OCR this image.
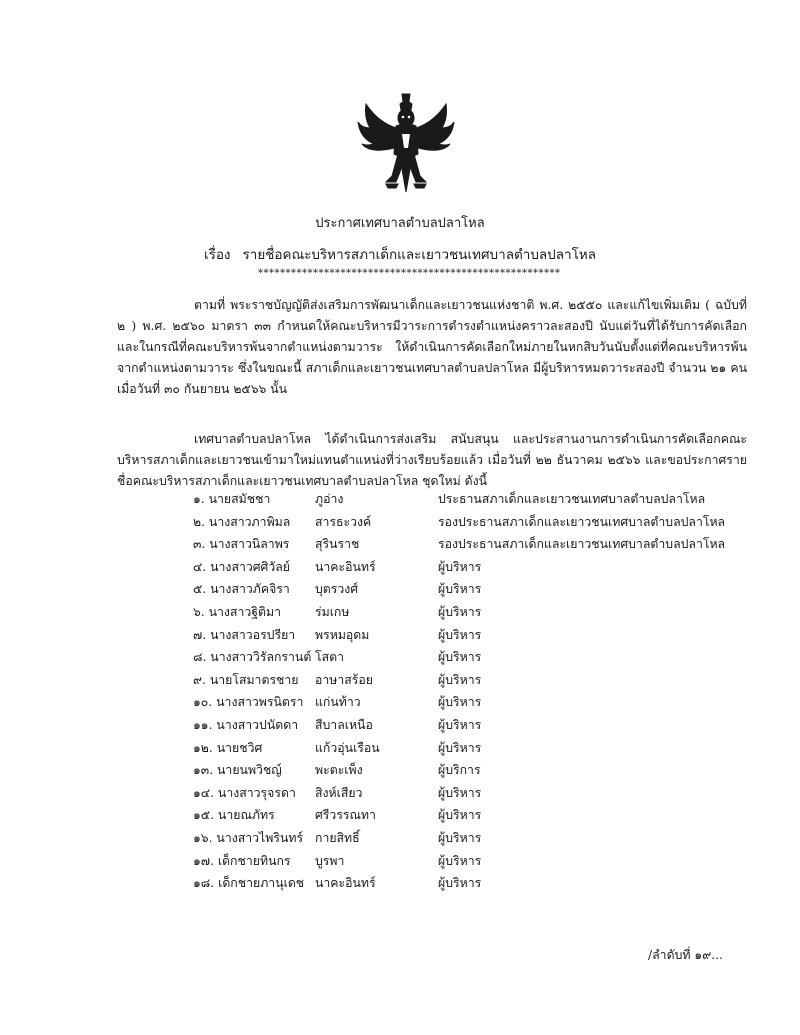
ประกาศเทศบาลตำบลปลาโหล
เรื่อง รายชื่อคณะบริหารสภาเด็กและเยาวชนเทศบาลตำบลปลาโหล
*******************************************************
ตามที่ พระราชบัญญัติส่งเสริมการพัฒนาเด็กและเยาวชนแห่งชาติ พ.ศ. ๒๕๕๐ และแก้ไขเพิ่มเติม ( ฉบับที่ ๒ ) พ.ศ. ๒๕๖๐ มาตรา ๓๓ กำหนดให้คณะบริหารมีวาระการดำรงตำแหน่งคราวละสองปี นับแต่วันที่ได้รับการคัดเลือก และในกรณีที่คณะบริหารพ้นจากตำแหน่งตามวาระ ให้ดำเนินการคัดเลือกใหม่ภายในหกสิบวันนับตั้งแต่ที่คณะบริหารพ้นจากตำแหน่งตามวาระ ซึ่งในขณะนี้ สภาเด็กและเยาวชนเทศบาลตำบลปลาโหล มีผู้บริหารหมดวาระสองปี จำนวน ๒๑ คน เมื่อวันที่ ๓๐ กันยายน ๒๕๖๖ นั้น
เทศบาลตำบลปลาโหล ได้ดำเนินการส่งเสริม สนับสนุน และประสานงานการดำเนินการคัดเลือกคณะบริหารสภาเด็กและเยาวชนเข้ามาใหม่แทนตำแหน่งที่ว่างเรียบร้อยแล้ว เมื่อวันที่ ๒๒ ธันวาคม ๒๕๖๖ และขอประกาศรายชื่อคณะบริหารสภาเด็กและเยาวชนเทศบาลตำบลปลาโหล ชุดใหม่ ดังนี้
๑. นายสมัชชา	ภูอ่าง	ประธานสภาเด็กและเยาวชนเทศบาลตำบลปลาโหล
๒. นางสาวภาพิมล สารธะวงค์	รองประธานสภาเด็กและเยาวชนเทศบาลตำบลปลาโหล
๓. นางสาวนิลาพร สุรินราช	รองประธานสภาเด็กและเยาวชนเทศบาลตำบลปลาโหล
๔. นางสาวศศิวัลย์ นาคะอินทร์	ผู้บริหาร
๕. นางสาวภัคจิรา บุตรวงศ์	ผู้บริหาร
๖. นางสาวฐิติมา	ร่มเกษ	ผู้บริหาร
๗. นางสาวอรปรียา พรหมอุดม	ผู้บริหาร
๘. นางสาววิรัลกรานต์ โสตา	ผู้บริหาร
๙. นายโสมาตรชาย อาษาสร้อย	ผู้บริหาร
๑๐. นางสาวพรนิตรา แก่นท้าว	ผู้บริหาร
๑๑. นางสาวปนัดดา สีบาลเหนือ	ผู้บริหาร
๑๒. นายชวิศ	แก้วอุ่นเรือน	ผู้บริหาร
๑๓. นายนพวิชญ์	พะตะเพ็ง	ผู้บริการ
๑๔. นางสาวรุจรดา สิงห์เสียว	ผู้บริหาร
๑๕. นายณภัทร	ศรีวรรณทา	ผู้บริหาร
๑๖. นางสาวไพรินทร์ กายสิทธิ์	ผู้บริหาร
๑๗. เด็กชายทินกร บูรพา	ผู้บริหาร
๑๘. เด็กชายภานุเดช นาคะอินทร์	ผู้บริหาร
/ลำดับที่ ๑๙...
